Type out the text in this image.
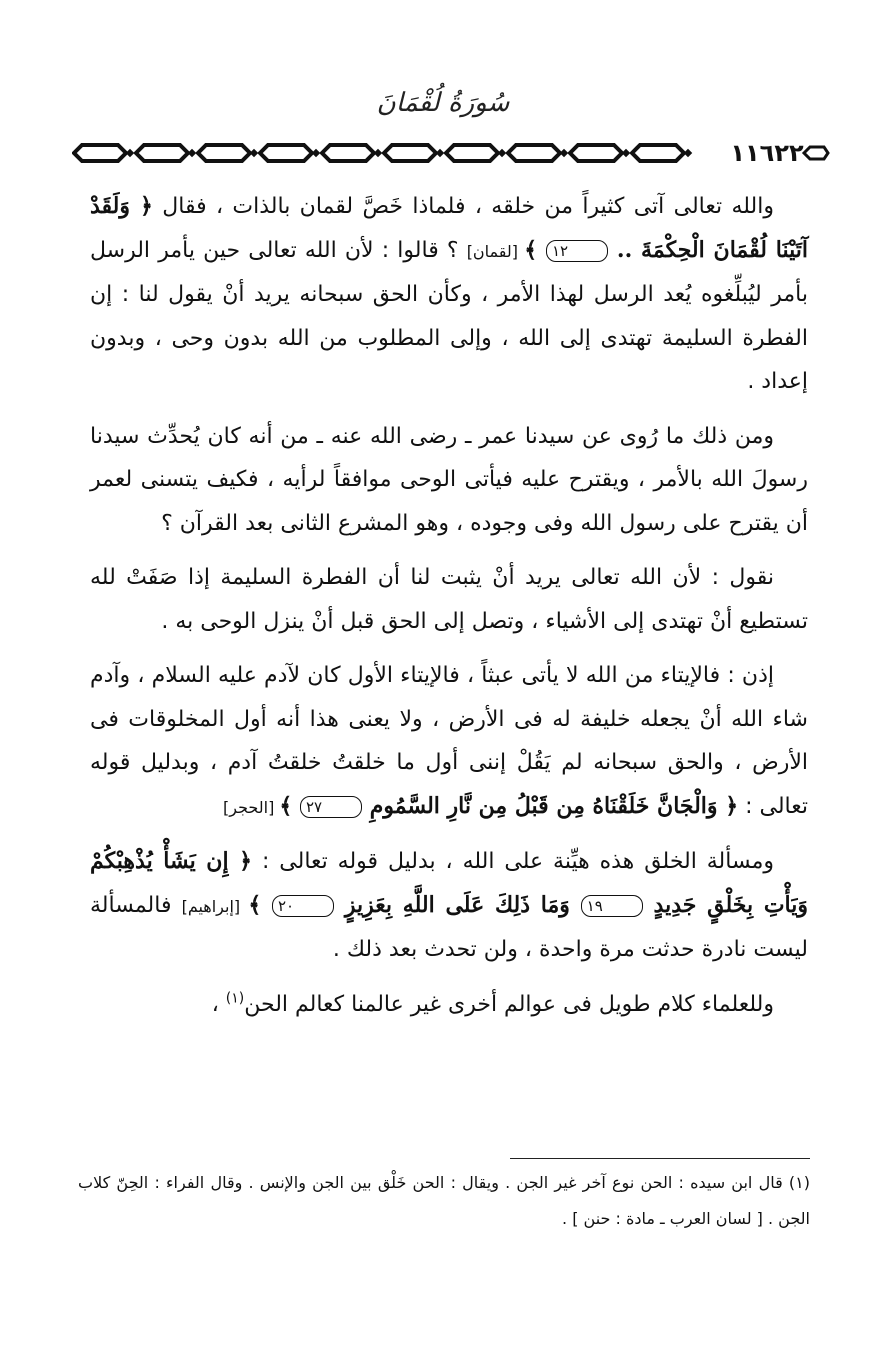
سُورَةُ لُقْمَانَ
١١٦٢٢

والله تعالى آتى كثيراً من خلقه ، فلماذا خَصَّ لقمان بالذات ، فقال ﴿ وَلَقَدْ آتَيْنَا لُقْمَانَ الْحِكْمَةَ .. ١٢ ﴾ [لقمان] ؟ قالوا : لأن الله تعالى حين يأمر الرسل بأمر ليُبلِّغوه يُعد الرسل لهذا الأمر ، وكأن الحق سبحانه يريد أنْ يقول لنا : إن الفطرة السليمة تهتدى إلى الله ، وإلى المطلوب من الله بدون وحى ، وبدون إعداد .

ومن ذلك ما رُوى عن سيدنا عمر ـ رضى الله عنه ـ من أنه كان يُحدِّث سيدنا رسولَ الله بالأمر ، ويقترح عليه فيأتى الوحى موافقاً لرأيه ، فكيف يتسنى لعمر أن يقترح على رسول الله وفى وجوده ، وهو المشرع الثانى بعد القرآن ؟

نقول : لأن الله تعالى يريد أنْ يثبت لنا أن الفطرة السليمة إذا صَفَتْ لله تستطيع أنْ تهتدى إلى الأشياء ، وتصل إلى الحق قبل أنْ ينزل الوحى به .

إذن : فالإيتاء من الله لا يأتى عبثاً ، فالإيتاء الأول كان لآدم عليه السلام ، وآدم شاء الله أنْ يجعله خليفة له فى الأرض ، ولا يعنى هذا أنه أول المخلوقات فى الأرض ، والحق سبحانه لم يَقُلْ إننى أول ما خلقتُ خلقتُ آدم ، وبدليل قوله تعالى : ﴿ وَالْجَانَّ خَلَقْنَاهُ مِن قَبْلُ مِن نَّارِ السَّمُومِ ٢٧ ﴾ [الحجر]

ومسألة الخلق هذه هيِّنة على الله ، بدليل قوله تعالى : ﴿ إِن يَشَأْ يُذْهِبْكُمْ وَيَأْتِ بِخَلْقٍ جَدِيدٍ ١٩ وَمَا ذَلِكَ عَلَى اللَّهِ بِعَزِيزٍ ٢٠ ﴾ [إبراهيم] فالمسألة ليست نادرة حدثت مرة واحدة ، ولن تحدث بعد ذلك .

وللعلماء كلام طويل فى عوالم أخرى غير عالمنا كعالم الحن$^{(١)}$ ،

(١) قال ابن سيده : الحن نوع آخر غير الجن . ويقال : الحن خَلْق بين الجن والإنس . وقال الفراء : الحِنّ كلاب الجن . [ لسان العرب ـ مادة : حنن ] .
